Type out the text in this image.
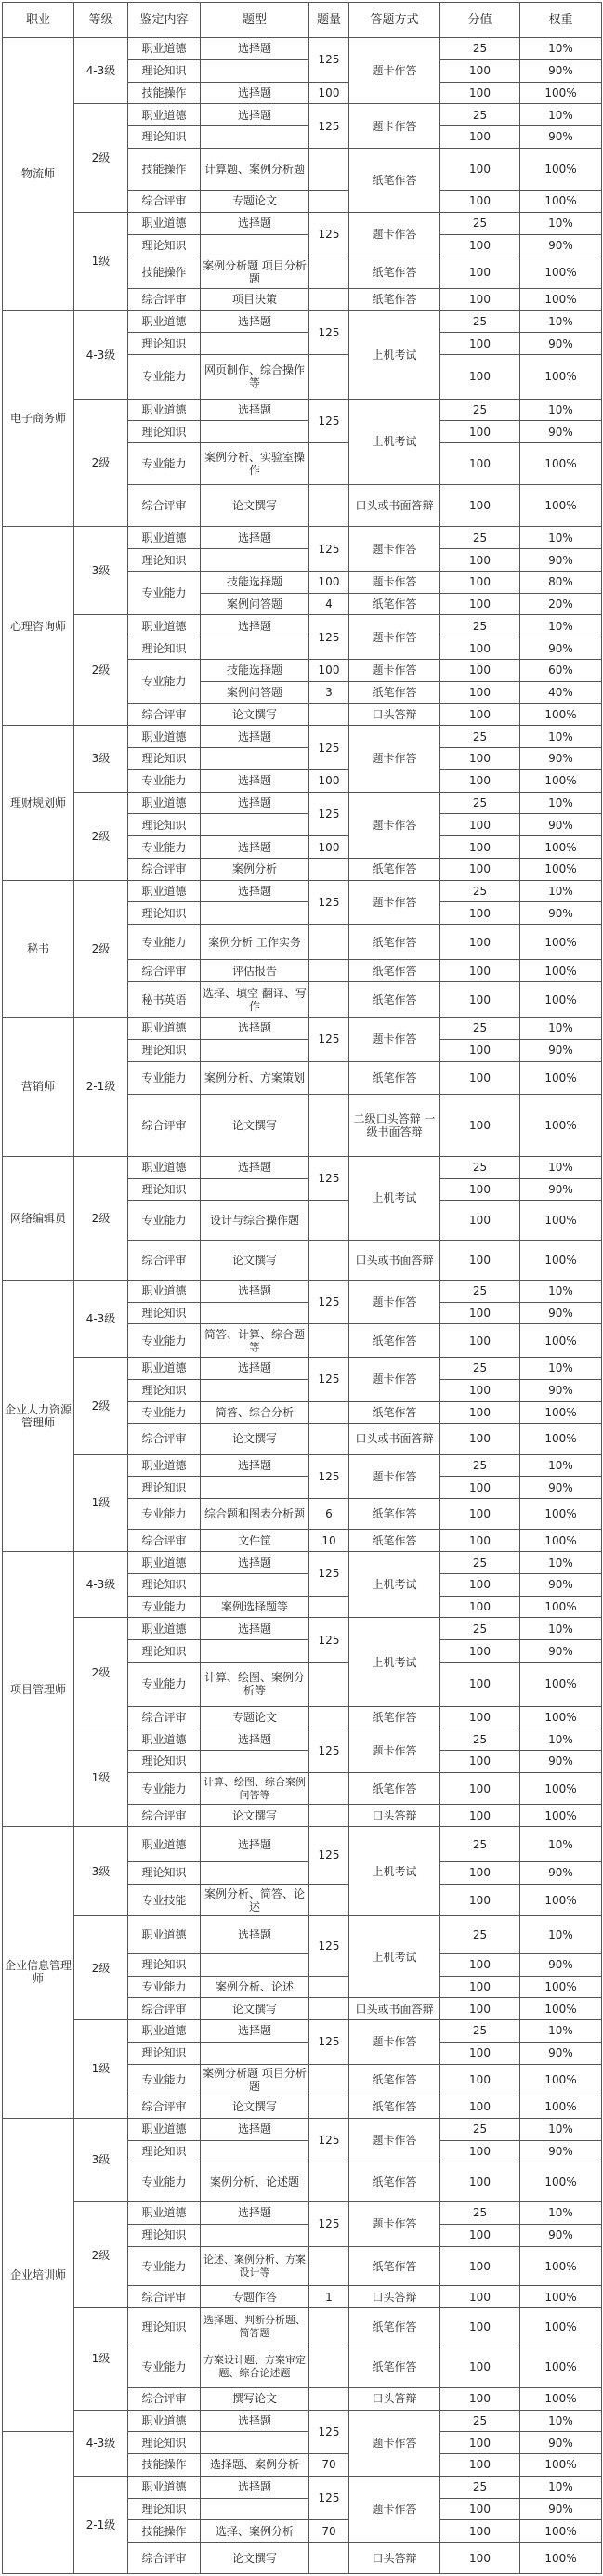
职业	等级	鉴定内容	题型	题量	答题方式	分值	权重
物流师	4-3级	职业道德	选择题	125	题卡作答	25	10%
		理论知识				100	90%
		技能操作	选择题	100		100	100%
	2级	职业道德	选择题	125	题卡作答	25	10%
		理论知识				100	90%
		技能操作	计算题、案例分析题		纸笔作答	100	100%
		综合评审	专题论文			100	100%
	1级	职业道德	选择题	125	题卡作答	25	10%
		理论知识				100	90%
		技能操作	案例分析题 项目分析题		纸笔作答	100	100%
		综合评审	项目决策		纸笔作答	100	100%
电子商务师	4-3级	职业道德	选择题	125	上机考试	25	10%
		理论知识				100	90%
		专业能力	网页制作、综合操作等			100	100%
	2级	职业道德	选择题	125	上机考试	25	10%
		理论知识				100	90%
		专业能力	案例分析、实验室操作			100	100%
		综合评审	论文撰写		口头或书面答辩	100	100%
心理咨询师	3级	职业道德	选择题	125	题卡作答	25	10%
		理论知识				100	90%
		专业能力	技能选择题	100	题卡作答	100	80%
			案例问答题	4	纸笔作答	100	20%
	2级	职业道德	选择题	125	题卡作答	25	10%
		理论知识				100	90%
		专业能力	技能选择题	100	题卡作答	100	60%
			案例问答题	3	纸笔作答	100	40%
		综合评审	论文撰写		口头答辩	100	100%
理财规划师	3级	职业道德	选择题	125	题卡作答	25	10%
		理论知识				100	90%
		专业能力	选择题	100		100	100%
	2级	职业道德	选择题	125	题卡作答	25	10%
		理论知识				100	90%
		专业能力	选择题	100		100	100%
		综合评审	案例分析		纸笔作答	100	100%
秘书	2级	职业道德	选择题	125	题卡作答	25	10%
		理论知识				100	90%
		专业能力	案例分析 工作实务		纸笔作答	100	100%
		综合评审	评估报告		纸笔作答	100	100%
		秘书英语	选择、填空 翻译、写作		纸笔作答	100	100%
营销师	2-1级	职业道德	选择题	125	题卡作答	25	10%
		理论知识				100	90%
		专业能力	案例分析、方案策划		纸笔作答	100	100%
		综合评审	论文撰写		二级口头答辩 一级书面答辩	100	100%
网络编辑员	2级	职业道德	选择题	125	上机考试	25	10%
		理论知识				100	90%
		专业能力	设计与综合操作题			100	100%
		综合评审	论文撰写		口头或书面答辩	100	100%
企业人力资源管理师	4-3级	职业道德	选择题	125	题卡作答	25	10%
		理论知识				100	90%
		专业能力	简答、计算、综合题等		纸笔作答	100	100%
	2级	职业道德	选择题	125	题卡作答	25	10%
		理论知识				100	90%
		专业能力	简答、综合分析		纸笔作答	100	100%
		综合评审	论文撰写		口头或书面答辩	100	100%
	1级	职业道德	选择题	125	题卡作答	25	10%
		理论知识				100	90%
		专业能力	综合题和图表分析题	6	纸笔作答	100	100%
		综合评审	文件筐	10	纸笔作答	100	100%
项目管理师	4-3级	职业道德	选择题	125	上机考试	25	10%
		理论知识				100	90%
		专业能力	案例选择题等			100	100%
	2级	职业道德	选择题	125	上机考试	25	10%
		理论知识				100	90%
		专业能力	计算、绘图、案例分析等			100	100%
		综合评审	专题论文		纸笔作答	100	100%
	1级	职业道德	选择题	125	题卡作答	25	10%
		理论知识				100	90%
		专业能力	计算、绘图、综合案例问答等		纸笔作答	100	100%
		综合评审	论文撰写		口头答辩	100	100%
企业信息管理师	3级	职业道德	选择题	125	上机考试	25	10%
		理论知识				100	90%
		专业技能	案例分析、简答、论述			100	100%
	2级	职业道德	选择题	125	上机考试	25	10%
		理论知识				100	90%
		专业能力	案例分析、论述			100	100%
		综合评审	论文撰写		口头或书面答辩	100	100%
	1级	职业道德	选择题	125	题卡作答	25	10%
		理论知识				100	90%
		专业能力	案例分析题 项目分析题		纸笔作答	100	100%
		综合评审	论文撰写		纸笔作答	100	100%
企业培训师	3级	职业道德	选择题	125	题卡作答	25	10%
		理论知识				100	90%
		专业能力	案例分析、论述题		纸笔作答	100	100%
	2级	职业道德	选择题	125	题卡作答	25	10%
		理论知识				100	90%
		专业能力	论述、案例分析、方案设计等		纸笔作答	100	100%
		综合评审	专题作答	1	口头答辩	100	100%
	1级	理论知识	选择题、判断分析题、简答题		纸笔作答	100	100%
		专业能力	方案设计题、方案审定题、综合论述题		纸笔作答	100	100%
		综合评审	撰写论文		口头答辩	100	100%
	4-3级	职业道德	选择题	125	题卡作答	25	10%
		理论知识				100	90%
		技能操作	选择题、案例分析	70		100	100%
	2-1级	职业道德	选择题	125	题卡作答	25	10%
		理论知识				100	90%
		技能操作	选择、案例分析	70		100	100%
		综合评审	论文撰写		口头答辩	100	100%
